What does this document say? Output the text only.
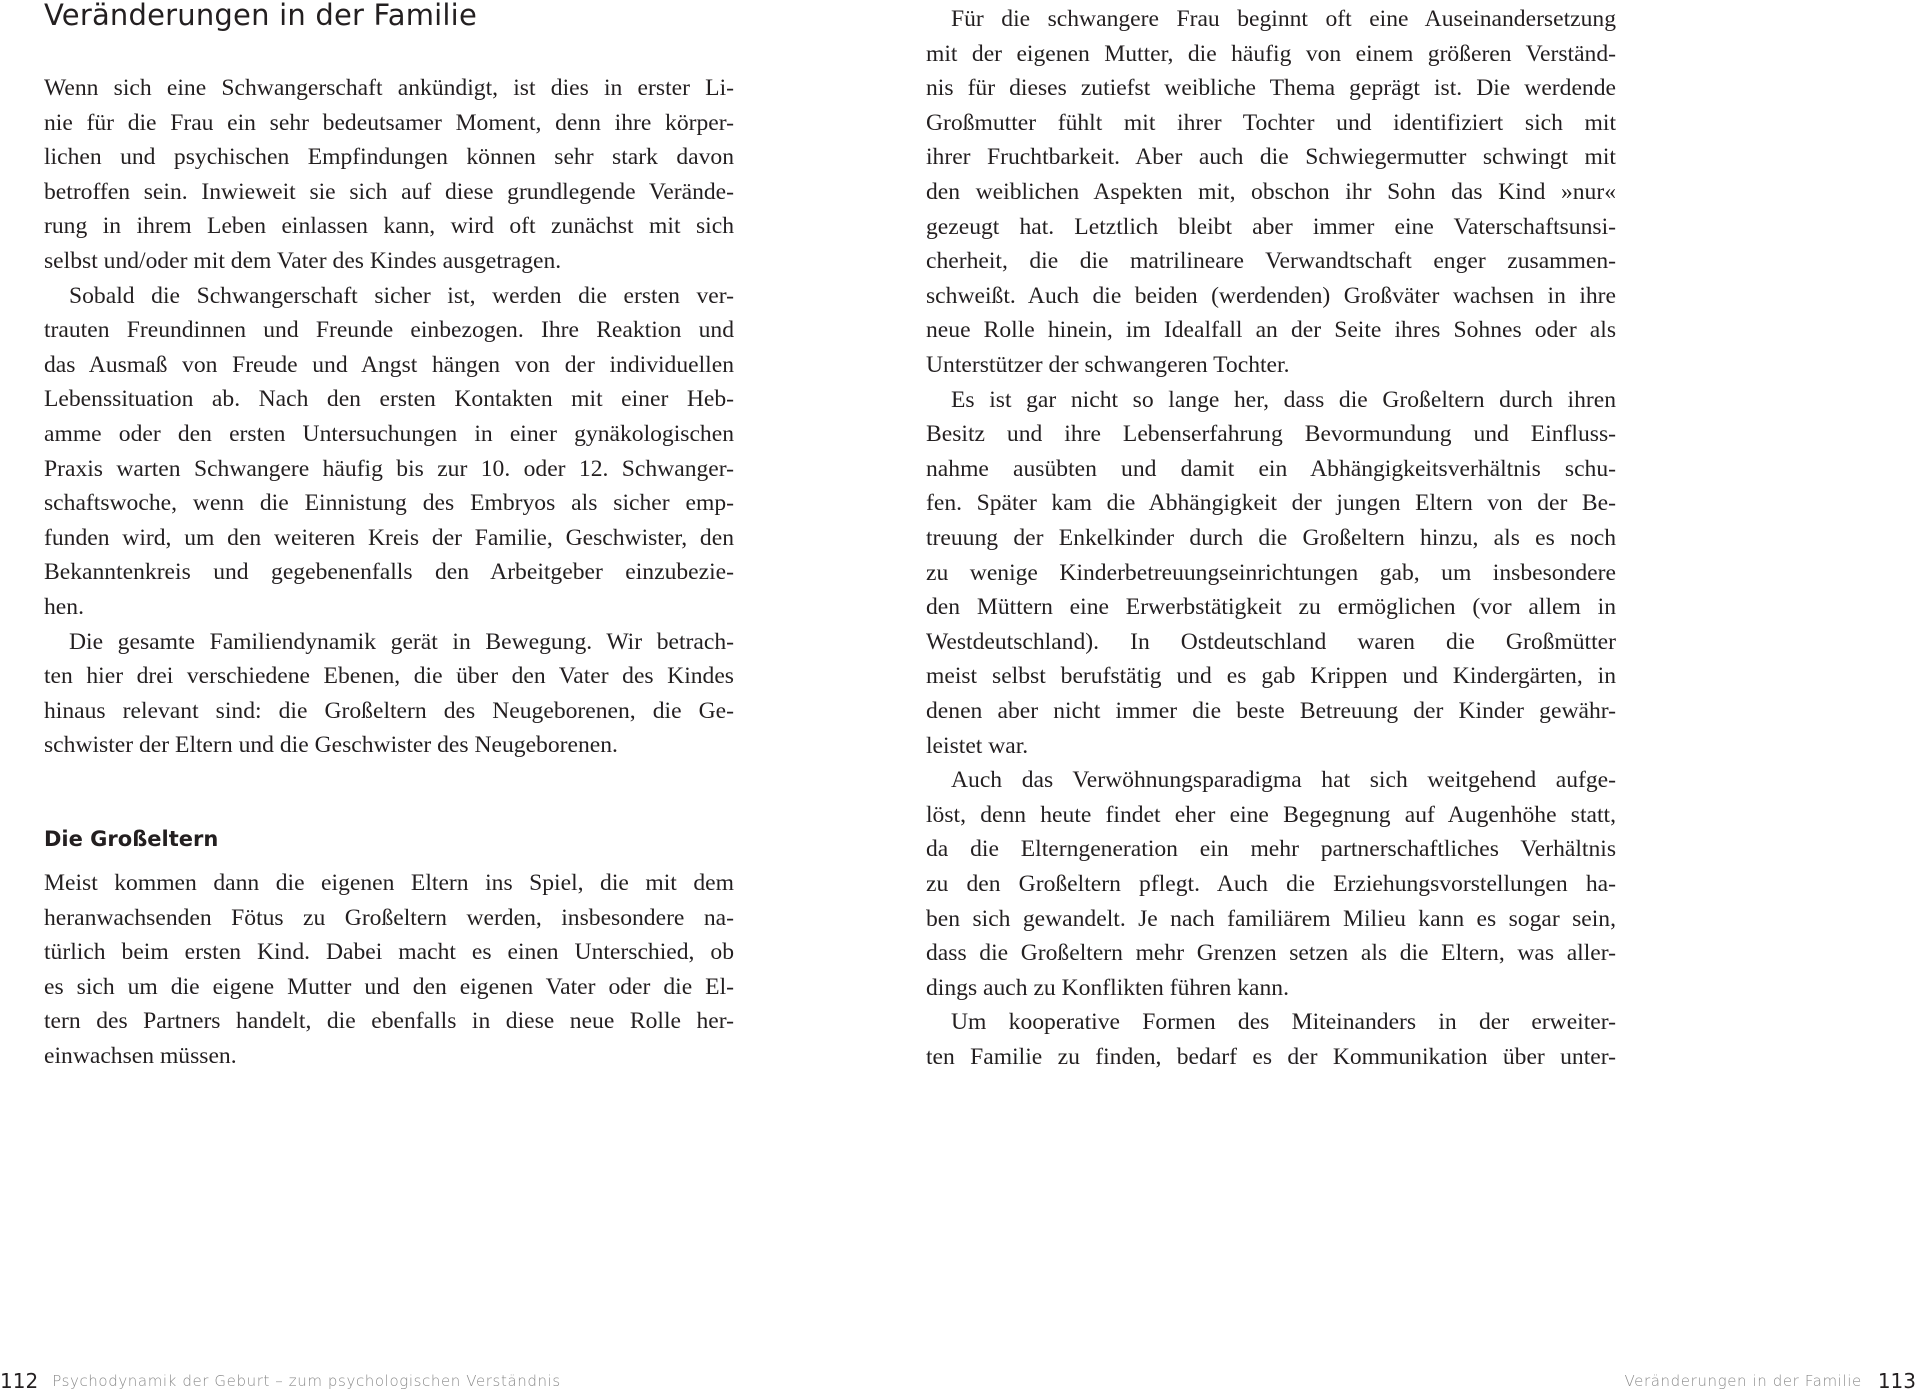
Veränderungen in der Familie
Wenn sich eine Schwangerschaft ankündigt, ist dies in erster Li-
nie für die Frau ein sehr bedeutsamer Moment, denn ihre körper-
lichen und psychischen Empfindungen können sehr stark davon
betroffen sein. Inwieweit sie sich auf diese grundlegende Verände-
rung in ihrem Leben einlassen kann, wird oft zunächst mit sich
selbst und/oder mit dem Vater des Kindes ausgetragen.
Sobald die Schwangerschaft sicher ist, werden die ersten ver-
trauten Freundinnen und Freunde einbezogen. Ihre Reaktion und
das Ausmaß von Freude und Angst hängen von der individuellen
Lebenssituation ab. Nach den ersten Kontakten mit einer Heb-
amme oder den ersten Untersuchungen in einer gynäkologischen
Praxis warten Schwangere häufig bis zur 10. oder 12. Schwanger-
schaftswoche, wenn die Einnistung des Embryos als sicher emp-
funden wird, um den weiteren Kreis der Familie, Geschwister, den
Bekanntenkreis und gegebenenfalls den Arbeitgeber einzubezie-
hen.
Die gesamte Familiendynamik gerät in Bewegung. Wir betrach-
ten hier drei verschiedene Ebenen, die über den Vater des Kindes
hinaus relevant sind: die Großeltern des Neugeborenen, die Ge-
schwister der Eltern und die Geschwister des Neugeborenen.
Die Großeltern
Meist kommen dann die eigenen Eltern ins Spiel, die mit dem
heranwachsenden Fötus zu Großeltern werden, insbesondere na-
türlich beim ersten Kind. Dabei macht es einen Unterschied, ob
es sich um die eigene Mutter und den eigenen Vater oder die El-
tern des Partners handelt, die ebenfalls in diese neue Rolle her-
einwachsen müssen.
112 Psychodynamik der Geburt – zum psychologischen Verständnis
Für die schwangere Frau beginnt oft eine Auseinandersetzung
mit der eigenen Mutter, die häufig von einem größeren Verständ-
nis für dieses zutiefst weibliche Thema geprägt ist. Die werdende
Großmutter fühlt mit ihrer Tochter und identifiziert sich mit
ihrer Fruchtbarkeit. Aber auch die Schwiegermutter schwingt mit
den weiblichen Aspekten mit, obschon ihr Sohn das Kind »nur«
gezeugt hat. Letztlich bleibt aber immer eine Vaterschaftsunsi-
cherheit, die die matrilineare Verwandtschaft enger zusammen-
schweißt. Auch die beiden (werdenden) Großväter wachsen in ihre
neue Rolle hinein, im Idealfall an der Seite ihres Sohnes oder als
Unterstützer der schwangeren Tochter.
Es ist gar nicht so lange her, dass die Großeltern durch ihren
Besitz und ihre Lebenserfahrung Bevormundung und Einfluss-
nahme ausübten und damit ein Abhängigkeitsverhältnis schu-
fen. Später kam die Abhängigkeit der jungen Eltern von der Be-
treuung der Enkelkinder durch die Großeltern hinzu, als es noch
zu wenige Kinderbetreuungseinrichtungen gab, um insbesondere
den Müttern eine Erwerbstätigkeit zu ermöglichen (vor allem in
Westdeutschland). In Ostdeutschland waren die Großmütter
meist selbst berufstätig und es gab Krippen und Kindergärten, in
denen aber nicht immer die beste Betreuung der Kinder gewähr-
leistet war.
Auch das Verwöhnungsparadigma hat sich weitgehend aufge-
löst, denn heute findet eher eine Begegnung auf Augenhöhe statt,
da die Elterngeneration ein mehr partnerschaftliches Verhältnis
zu den Großeltern pflegt. Auch die Erziehungsvorstellungen ha-
ben sich gewandelt. Je nach familiärem Milieu kann es sogar sein,
dass die Großeltern mehr Grenzen setzen als die Eltern, was aller-
dings auch zu Konflikten führen kann.
Um kooperative Formen des Miteinanders in der erweiter-
ten Familie zu finden, bedarf es der Kommunikation über unter-
Veränderungen in der Familie 113
